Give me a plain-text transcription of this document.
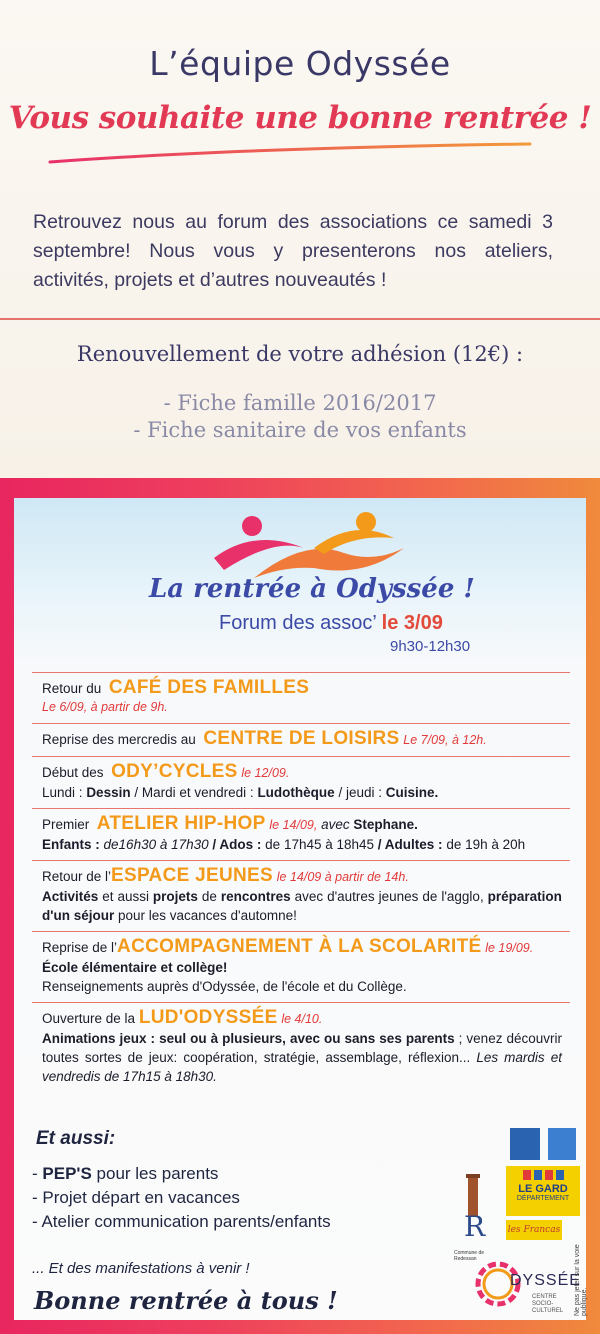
L’équipe Odyssée
Vous souhaite une bonne rentrée !

Retrouvez nous au forum des associations ce samedi 3 septembre! Nous vous y presenterons nos ateliers, activités, projets et d’autres nouveautés !

Renouvellement de votre adhésion (12€) :
- Fiche famille 2016/2017
- Fiche sanitaire de vos enfants
La rentrée à Odyssée !
Forum des assoc’ le 3/09
9h30-12h30
Retour du CAFÉ DES FAMILLES
Le 6/09, à partir de 9h.
Reprise des mercredis au CENTRE DE LOISIRS Le 7/09, à 12h.
Début des ODY’CYCLES le 12/09.
Lundi : Dessin / Mardi et vendredi : Ludothèque / jeudi : Cuisine.
Premier ATELIER HIP-HOP le 14/09, avec Stephane.
Enfants : de16h30 à 17h30 / Ados : de 17h45 à 18h45 / Adultes : de 19h à 20h
Retour de l’ESPACE JEUNES le 14/09 à partir de 14h.
Activités et aussi projets de rencontres avec d'autres jeunes de l'agglo, préparation d'un séjour pour les vacances d'automne!
Reprise de l’ACCOMPAGNEMENT À LA SCOLARITÉ le 19/09.
École élémentaire et collège!
Renseignements auprès d'Odyssée, de l'école et du Collège.
Ouverture de la LUD'ODYSSÉE le 4/10.
Animations jeux : seul ou à plusieurs, avec ou sans ses parents ; venez découvrir toutes sortes de jeux: coopération, stratégie, assemblage, réflexion... Les mardis et vendredis de 17h15 à 18h30.
Et aussi:
- PEP'S pour les parents
- Projet départ en vacances
- Atelier communication parents/enfants
... Et des manifestations à venir !
Bonne rentrée à tous !
LE GARD
DÉPARTEMENT
les Francas
R
Commune de Redessan
DYSSÉE
CENTRE SOCIO-CULTUREL	Ne pas jeter sur la voie publique.
